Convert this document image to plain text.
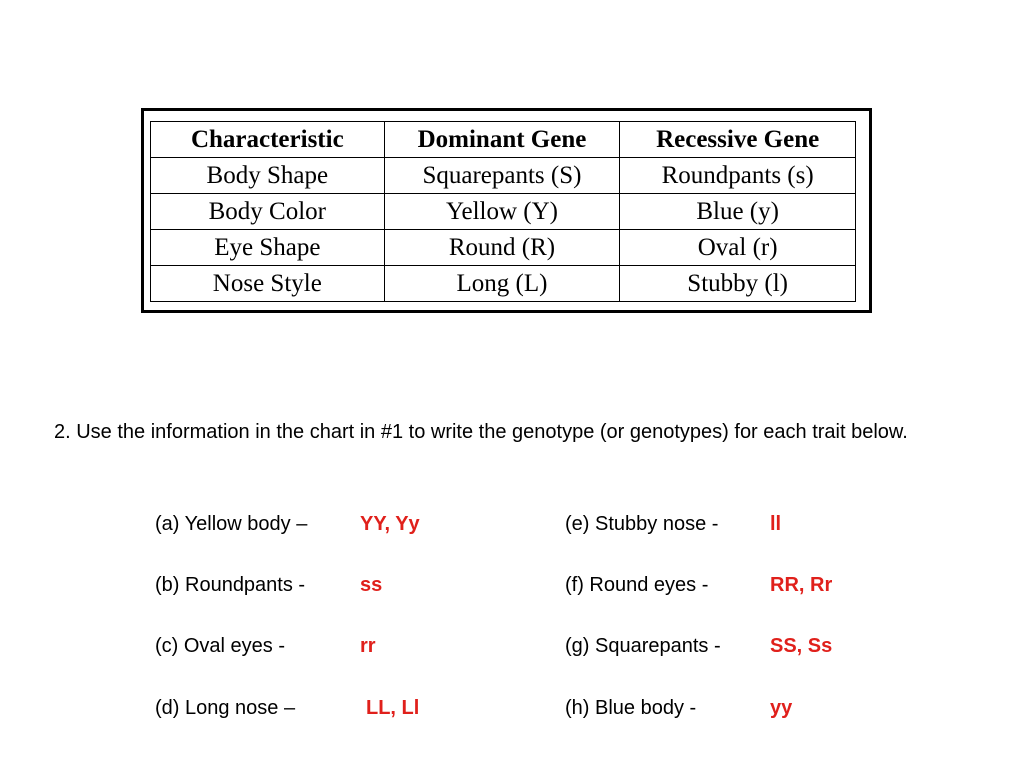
Characteristic	Dominant Gene	Recessive Gene
Body Shape	Squarepants (S)	Roundpants (s)
Body Color	Yellow (Y)	Blue (y)
Eye Shape	Round (R)	Oval (r)
Nose Style	Long (L)	Stubby (l)
2. Use the information in the chart in #1 to write the genotype (or genotypes) for each trait below.
(a) Yellow body –	YY, Yy
(b) Roundpants -	ss
(c) Oval eyes -	rr
(d) Long nose –	LL, Ll
(e) Stubby nose -	ll
(f) Round eyes -	RR, Rr
(g) Squarepants - SS, Ss
(h) Blue body -	yy
